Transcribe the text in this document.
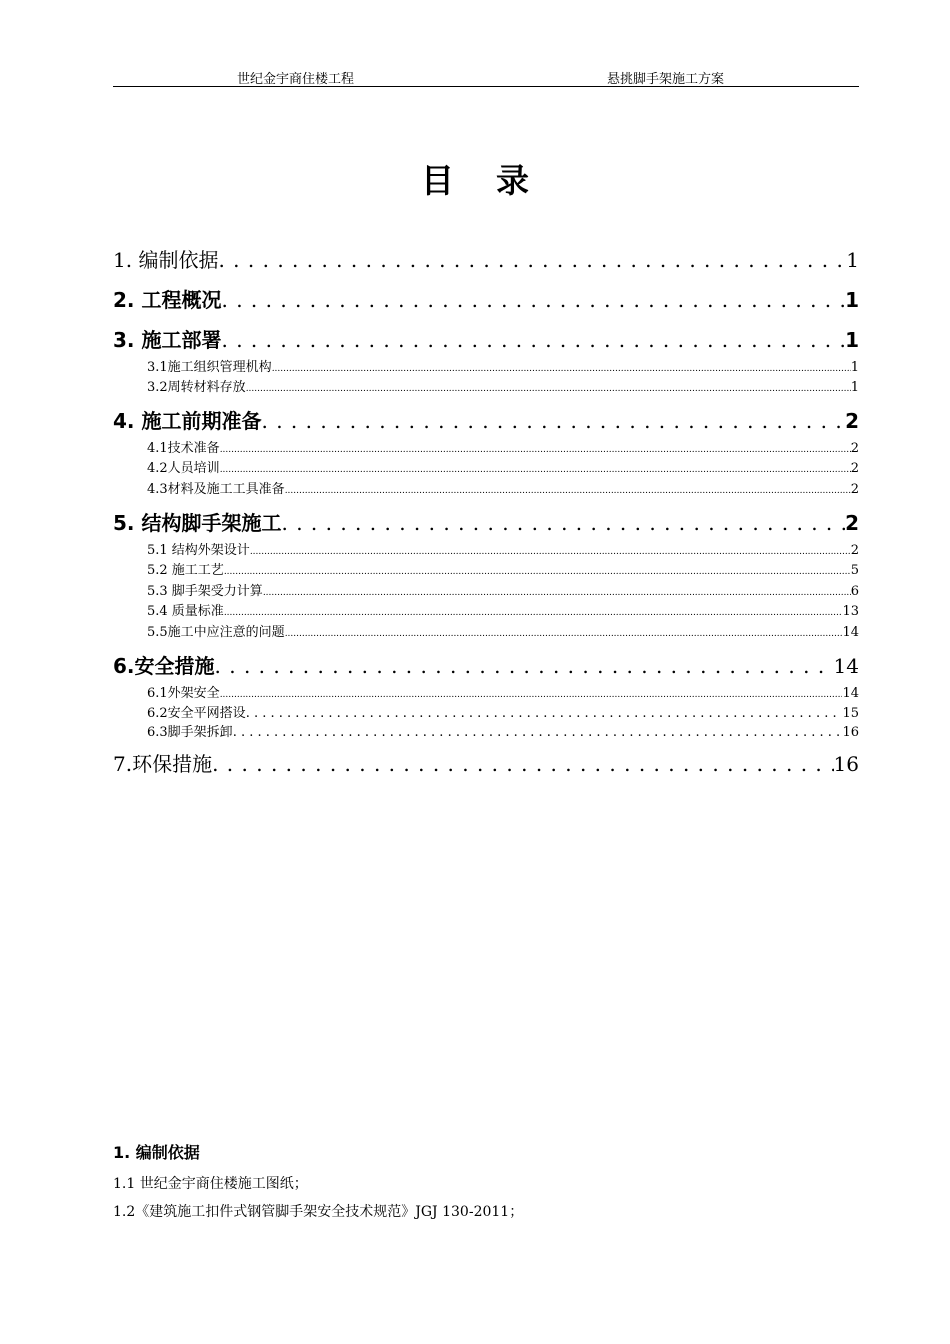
世纪金宇商住楼工程	悬挑脚手架施工方案
目录
1. 编制依据 . . .	1
2. 工程概况 . . .	1
3. 施工部署 . . .	1
3.1施工组织管理机构 .....	1
3.2周转材料存放 .....	1
4. 施工前期准备 . . .	2
4.1技术准备 .....	2
4.2人员培训 .....	2
4.3材料及施工工具准备 .....	2
5. 结构脚手架施工 . . .	2
5.1 结构外架设计 .....	2
5.2 施工工艺 .....	5
5.3 脚手架受力计算 .....	6
5.4 质量标准 .....	13
5.5施工中应注意的问题 .....	14
6.安全措施 . . .	14
6.1外架安全 .....	14
6.2安全平网搭设 . . .	15
6.3脚手架拆卸 . . .	16
7.环保措施 . . .	16
1. 编制依据
1.1 世纪金宇商住楼施工图纸；
1.2《建筑施工扣件式钢管脚手架安全技术规范》JGJ 130-2011；
